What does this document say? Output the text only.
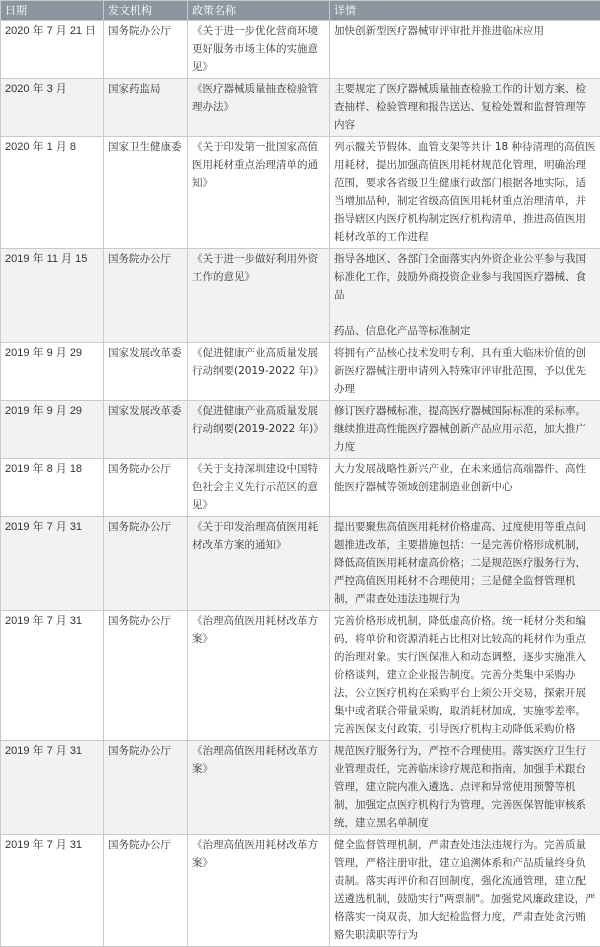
日期	发文机构	政策名称	详情
2020 年 7 月 21 日	国务院办公厅	《关于进一步优化营商环境更好服务市场主体的实施意见》	加快创新型医疗器械审评审批并推进临床应用

2020 年 3 月	国家药监局	《医疗器械质量抽查检验管理办法》	主要规定了医疗器械质量抽查检验工作的计划方案、检查抽样、检验管理和报告送达、复检处置和监督管理等内容

2020 年 1 月 8	国家卫生健康委	《关于印发第一批国家高值医用耗材重点治理清单的通知》	列示髋关节假体、血管支架等共计 18 种待清理的高值医用耗材，提出加强高值医用耗材规范化管理，明确治理范围，要求各省级卫生健康行政部门根据各地实际，适当增加品种，制定省级高值医用耗材重点治理清单，并指导辖区内医疗机构制定医疗机构清单，推进高值医用耗材改革的工作进程

2019 年 11 月 15	国务院办公厅	《关于进一步做好利用外资工作的意见》	指导各地区、各部门全面落实内外资企业公平参与我国标准化工作，鼓励外商投资企业参与我国医疗器械、食品
药品、信息化产品等标准制定

2019 年 9 月 29	国家发展改革委	《促进健康产业高质量发展行动纲要(2019-2022 年)》	将拥有产品核心技术发明专利、具有重大临床价值的创新医疗器械注册申请列入特殊审评审批范围，予以优先办理

2019 年 9 月 29	国家发展改革委	《促进健康产业高质量发展行动纲要(2019-2022 年)》	修订医疗器械标准，提高医疗器械国际标准的采标率。继续推进高性能医疗器械创新产品应用示范，加大推广力度

2019 年 8 月 18	国务院办公厅	《关于支持深圳建设中国特色社会主义先行示范区的意见》	大力发展战略性新兴产业，在未来通信高端器件、高性能医疗器械等领域创建制造业创新中心

2019 年 7 月 31	国务院办公厅	《关于印发治理高值医用耗材改革方案的通知》	提出要聚焦高值医用耗材价格虚高、过度使用等重点问题推进改革，主要措施包括：一是完善价格形成机制，降低高值医用耗材虚高价格；二是规范医疗服务行为，严控高值医用耗材不合理使用；三是健全监督管理机制，严肃查处违法违规行为

2019 年 7 月 31	国务院办公厅	《治理高值医用耗材改革方案》	完善价格形成机制，降低虚高价格。统一耗材分类和编码，将单价和资源消耗占比相对比较高的耗材作为重点的治理对象。实行医保准入和动态调整，逐步实施准入价格谈判，建立企业报告制度。完善分类集中采购办法，公立医疗机构在采购平台上须公开交易，探索开展集中或者联合带量采购，取消耗材加成，实施零差率。完善医保支付政策，引导医疗机构主动降低采购价格

2019 年 7 月 31	国务院办公厅	《治理高值医用耗材改革方案》	规范医疗服务行为，严控不合理使用。落实医疗卫生行业管理责任，完善临床诊疗规范和指南，加强手术跟台管理，建立院内准入遴选、点评和异常使用预警等机制，加强定点医疗机构行为管理，完善医保智能审核系统，建立黑名单制度

2019 年 7 月 31	国务院办公厅	《治理高值医用耗材改革方案》	健全监督管理机制，严肃查处违法违规行为。完善质量管理，严格注册审批，建立追溯体系和产品质量终身负责制。落实再评价和召回制度，强化流通管理，建立配送遴选机制，鼓励实行"两票制"。加强党风廉政建设，严格落实一岗双责，加大纪检监督力度，严肃查处贪污贿赂失职渎职等行为
